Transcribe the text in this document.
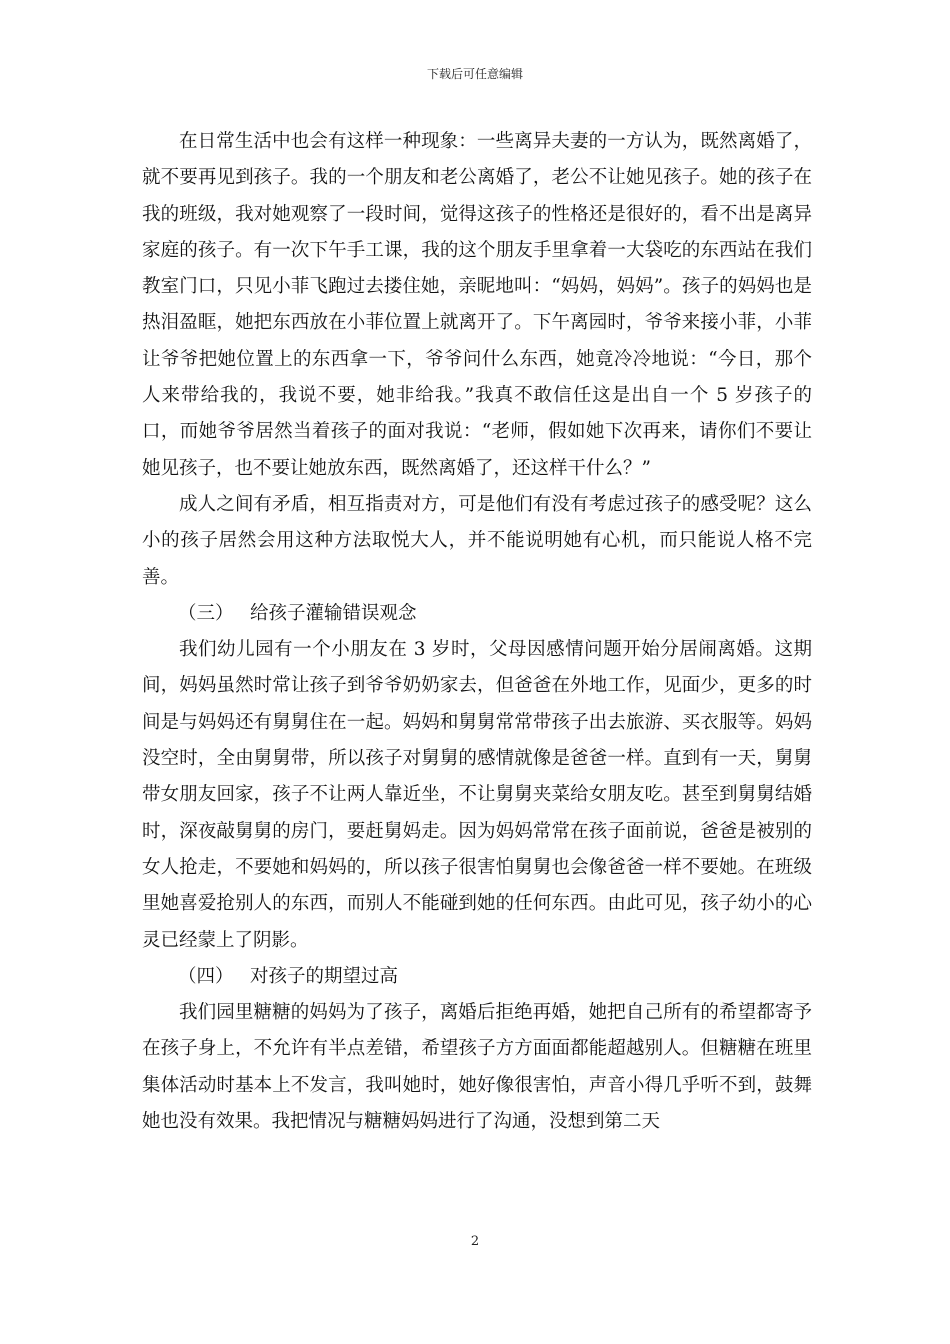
下载后可任意编辑

在日常生活中也会有这样一种现象：一些离异夫妻的一方认为，既然离婚了，就不要再见到孩子。我的一个朋友和老公离婚了，老公不让她见孩子。她的孩子在我的班级，我对她观察了一段时间，觉得这孩子的性格还是很好的，看不出是离异家庭的孩子。有一次下午手工课，我的这个朋友手里拿着一大袋吃的东西站在我们教室门口，只见小菲飞跑过去搂住她，亲昵地叫：“妈妈，妈妈”。孩子的妈妈也是热泪盈眶，她把东西放在小菲位置上就离开了。下午离园时，爷爷来接小菲，小菲让爷爷把她位置上的东西拿一下，爷爷问什么东西，她竟冷冷地说：“今日，那个人来带给我的，我说不要，她非给我。”我真不敢信任这是出自一个 5 岁孩子的口，而她爷爷居然当着孩子的面对我说：“老师，假如她下次再来，请你们不要让她见孩子，也不要让她放东西，既然离婚了，还这样干什么？”

成人之间有矛盾，相互指责对方，可是他们有没有考虑过孩子的感受呢？这么小的孩子居然会用这种方法取悦大人，并不能说明她有心机，而只能说人格不完善。

（三） 给孩子灌输错误观念

我们幼儿园有一个小朋友在 3 岁时，父母因感情问题开始分居闹离婚。这期间，妈妈虽然时常让孩子到爷爷奶奶家去，但爸爸在外地工作，见面少，更多的时间是与妈妈还有舅舅住在一起。妈妈和舅舅常常带孩子出去旅游、买衣服等。妈妈没空时，全由舅舅带，所以孩子对舅舅的感情就像是爸爸一样。直到有一天，舅舅带女朋友回家，孩子不让两人靠近坐，不让舅舅夹菜给女朋友吃。甚至到舅舅结婚时，深夜敲舅舅的房门，要赶舅妈走。因为妈妈常常在孩子面前说，爸爸是被别的女人抢走，不要她和妈妈的，所以孩子很害怕舅舅也会像爸爸一样不要她。在班级里她喜爱抢别人的东西，而别人不能碰到她的任何东西。由此可见，孩子幼小的心灵已经蒙上了阴影。

（四） 对孩子的期望过高

我们园里糖糖的妈妈为了孩子，离婚后拒绝再婚，她把自己所有的希望都寄予在孩子身上，不允许有半点差错，希望孩子方方面面都能超越别人。但糖糖在班里集体活动时基本上不发言，我叫她时，她好像很害怕，声音小得几乎听不到，鼓舞她也没有效果。我把情况与糖糖妈妈进行了沟通，没想到第二天

2
